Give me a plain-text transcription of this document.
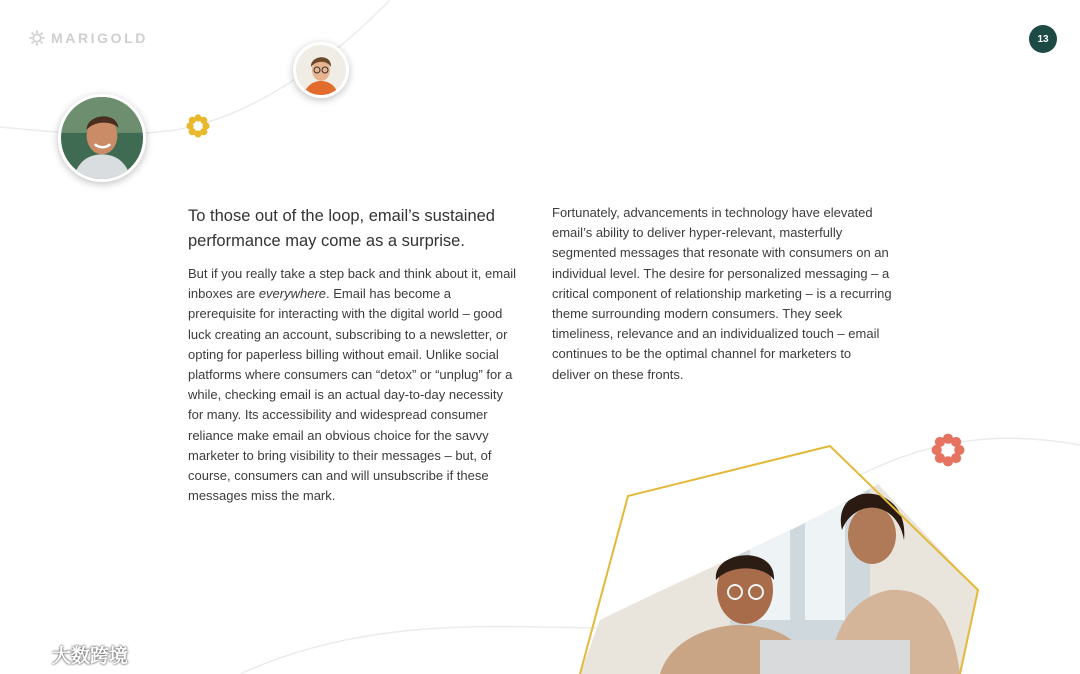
MARIGOLD	13

To those out of the loop, email’s sustained performance may come as a surprise.

But if you really take a step back and think about it, email inboxes are everywhere. Email has become a prerequisite for interacting with the digital world – good luck creating an account, subscribing to a newsletter, or opting for paperless billing without email. Unlike social platforms where consumers can “detox” or “unplug” for a while, checking email is an actual day-to-day necessity for many. Its accessibility and widespread consumer reliance make email an obvious choice for the savvy marketer to bring visibility to their messages – but, of course, consumers can and will unsubscribe if these messages miss the mark.

Fortunately, advancements in technology have elevated email’s ability to deliver hyper-relevant, masterfully segmented messages that resonate with consumers on an individual level. The desire for personalized messaging – a critical component of relationship marketing – is a recurring theme surrounding modern consumers. They seek timeliness, relevance and an individualized touch – email continues to be the optimal channel for marketers to deliver on these fronts.

大数跨境
